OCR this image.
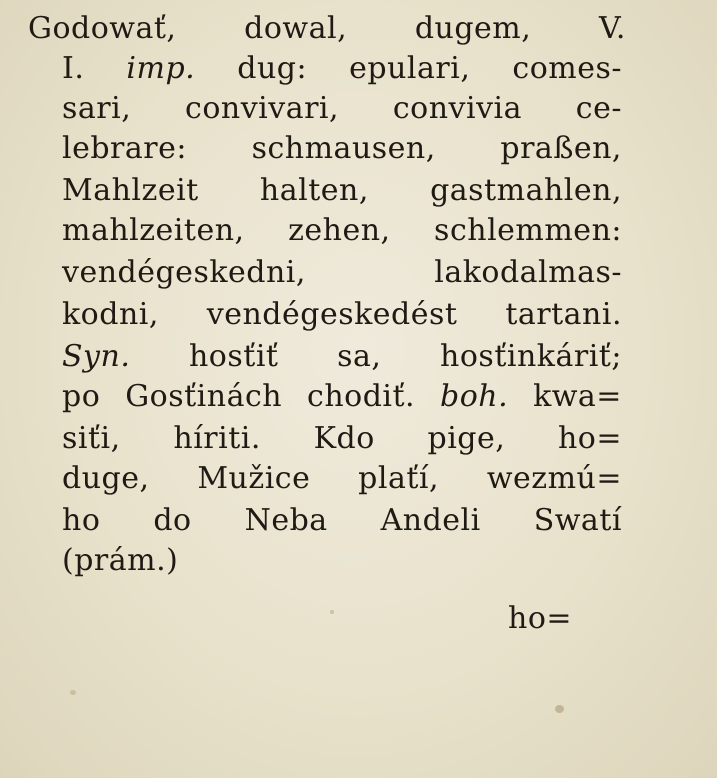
Godowať, dowal, dugem, V.
I. imp. dug: epulari, comes-
sari, convivari, convivia ce-
lebrare: schmausen, praßen,
Mahlzeit halten, gastmahlen,
mahlzeiten, zehen, schlemmen:
vendégeskedni,	lakodalmas-
kodni, vendégeskedést tartani.
Syn. hosťiť sa, hosťinkáriť;
po Gosťinách chodiť. boh. kwa=
siťi, híriti. Kdo pige, ho=
duge, Mužice plaťí, wezmú=
ho do Neba Andeli Swatí
(prám.)
ho=
